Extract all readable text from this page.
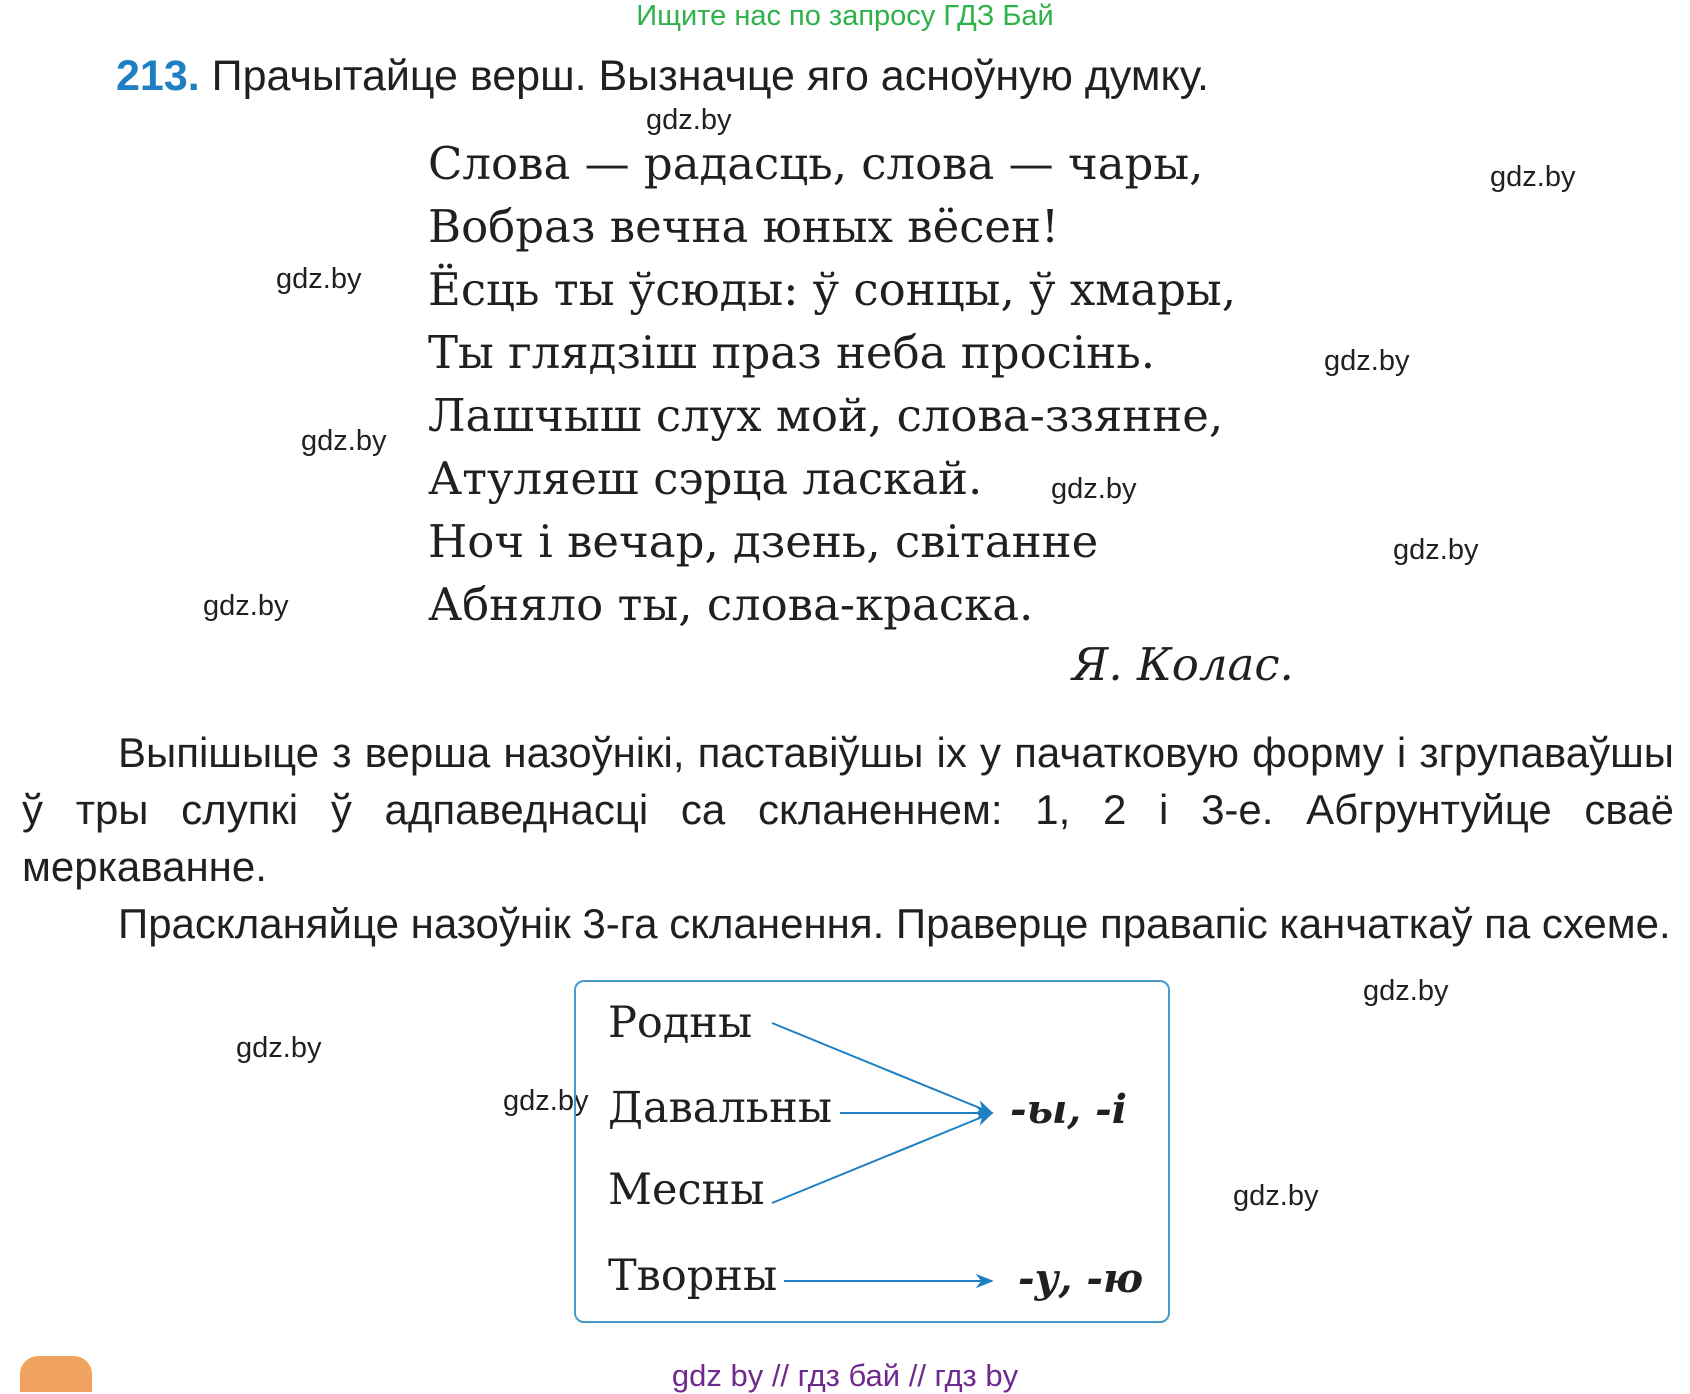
Ищите нас по запросу ГДЗ Бай
213. Прачытайце верш. Вызначце яго асноўную думку.
Слова — радасць, слова — чары,
Вобраз вечна юных вёсен!
Ёсць ты ўсюды: ў сонцы, ў хмары,
Ты глядзіш праз неба просінь.
Лашчыш слух мой, слова-ззянне,
Атуляеш сэрца ласкай.
Ноч і вечар, дзень, світанне
Абняло ты, слова-краска.
Я. Колас.
Выпішыце з верша назоўнікі, паставіўшы іх у пачатковую форму і згрупаваўшы ў тры слупкі ў адпаведнасці са скланеннем: 1, 2 і 3-е. Абгрунтуйце сваё меркаванне.
Праскланяйце назоўнік 3-га скланення. Праверце правапіс канчаткаў па схеме.
gdz.by
gdz.by
gdz.by
gdz.by
gdz.by
gdz.by
gdz.by
gdz.by
gdz.by
gdz.by
gdz.by
gdz.by
Родны
Давальны
Месны
Творны
-ы, -і
-у, -ю
gdz by // гдз бай // гдз by
